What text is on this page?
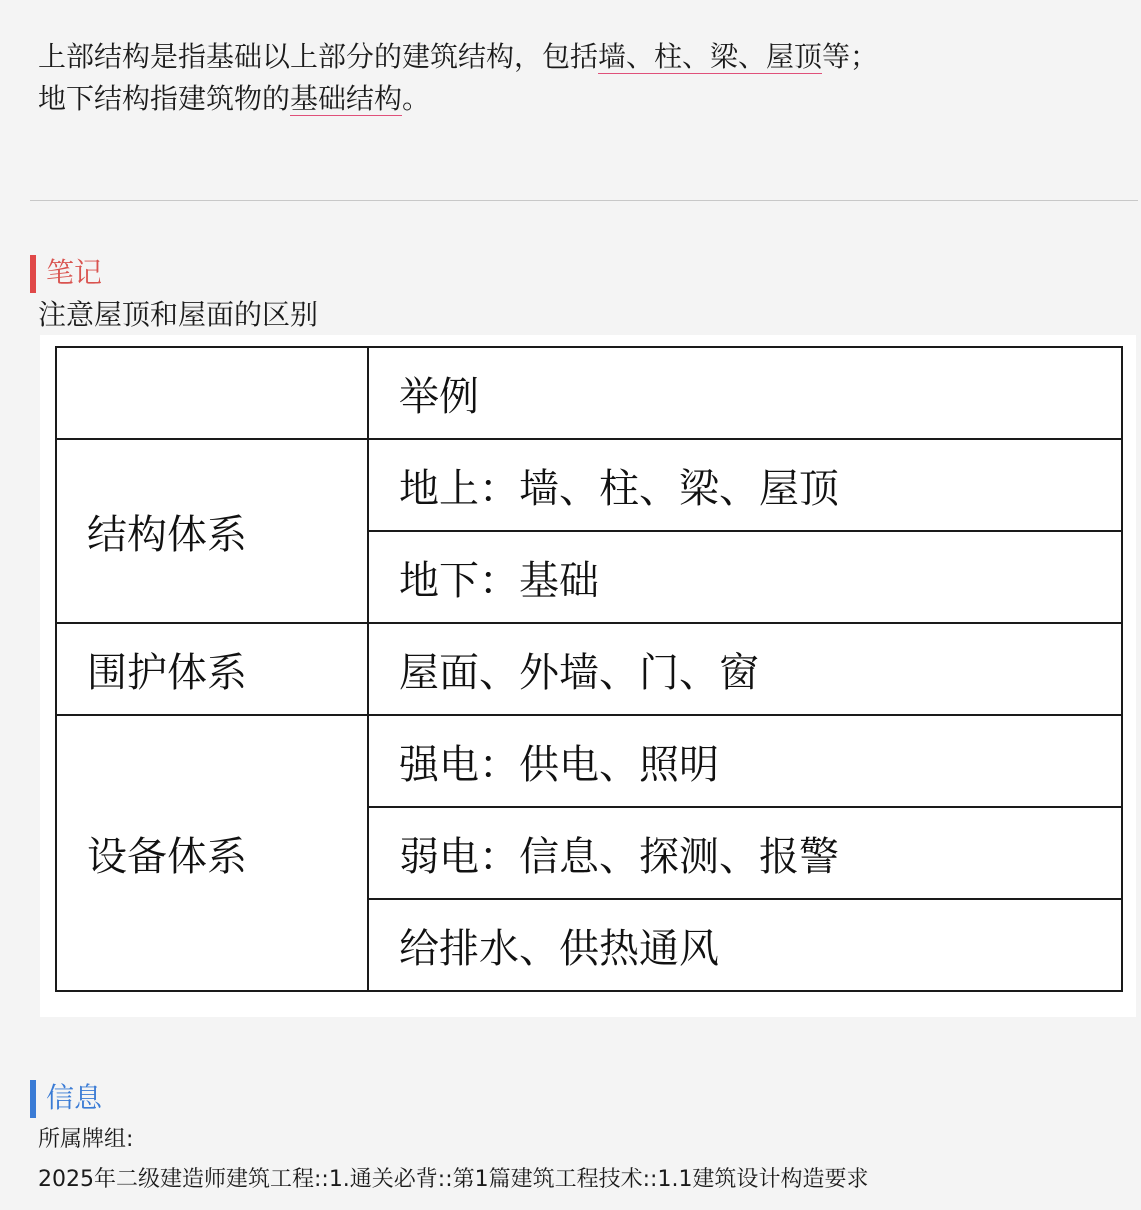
上部结构是指基础以上部分的建筑结构，包括墙、柱、梁、屋顶等；
地下结构指建筑物的基础结构。
笔记
注意屋顶和屋面的区别
	举例
结构体系	地上：墙、柱、梁、屋顶
	地下：基础
围护体系	屋面、外墙、门、窗
设备体系	强电：供电、照明
	弱电：信息、探测、报警
	给排水、供热通风
信息
所属牌组:
2025年二级建造师建筑工程::1.通关必背::第1篇建筑工程技术::1.1建筑设计构造要求
